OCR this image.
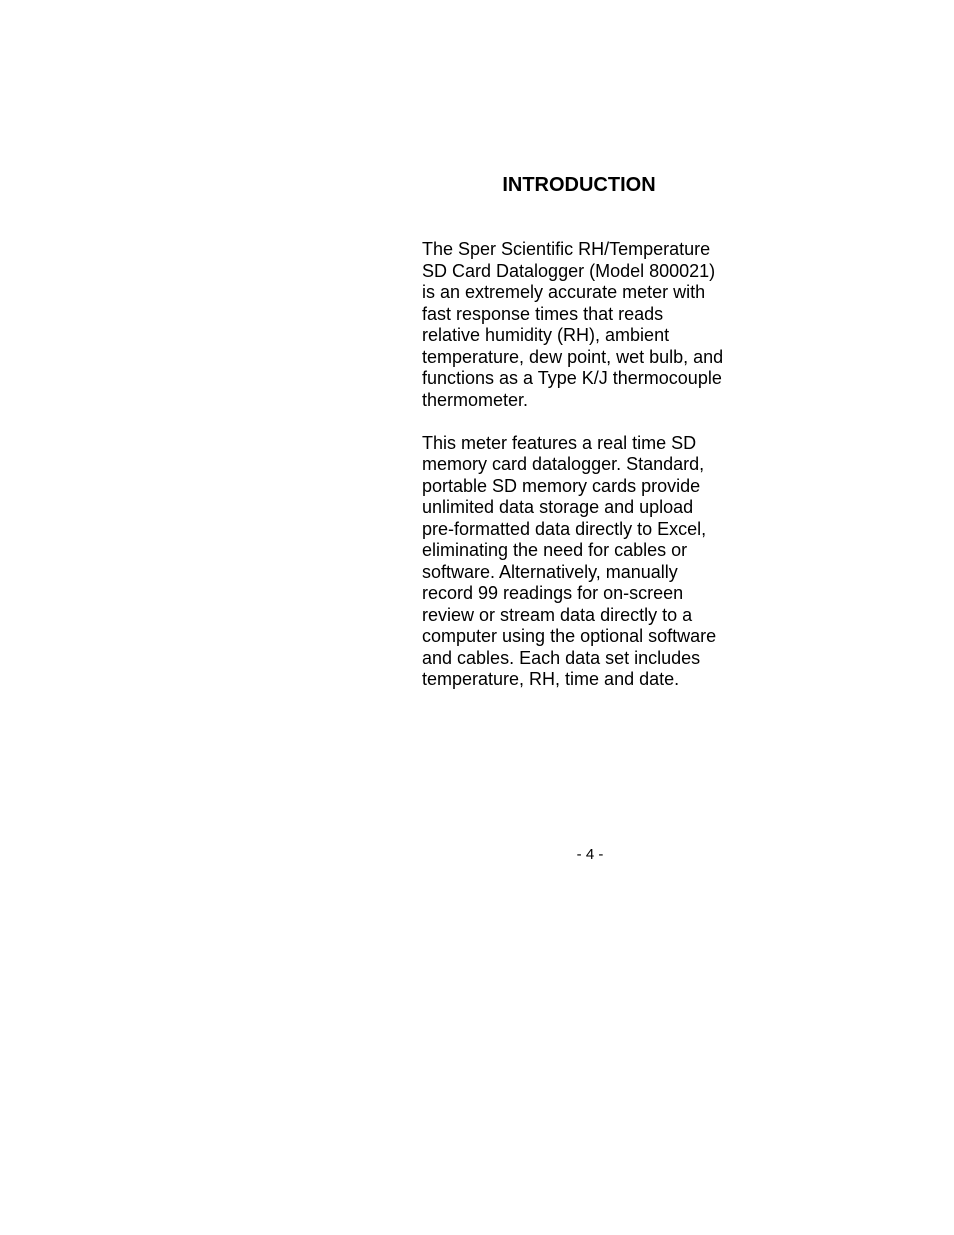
INTRODUCTION

The Sper Scientific RH/Temperature
SD Card Datalogger (Model 800021)
is an extremely accurate meter with
fast response times that reads
relative humidity (RH), ambient
temperature, dew point, wet bulb, and
functions as a Type K/J thermocouple
thermometer.

This meter features a real time SD
memory card datalogger. Standard,
portable SD memory cards provide
unlimited data storage and upload
pre-formatted data directly to Excel,
eliminating the need for cables or
software. Alternatively, manually
record 99 readings for on-screen
review or stream data directly to a
computer using the optional software
and cables. Each data set includes
temperature, RH, time and date.

- 4 -
